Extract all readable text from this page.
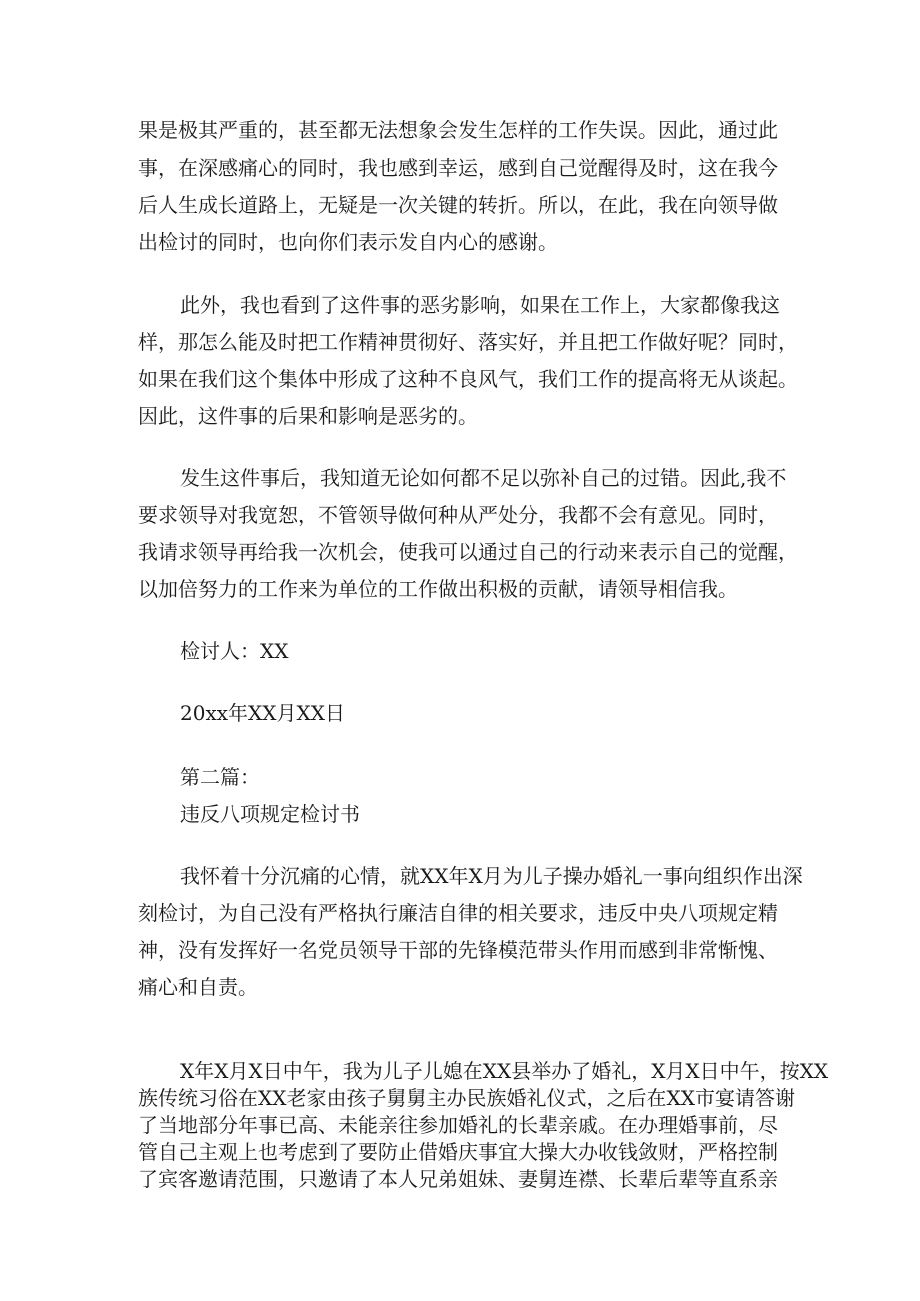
果是极其严重的，甚至都无法想象会发生怎样的工作失误。因此，通过此
事，在深感痛心的同时，我也感到幸运，感到自己觉醒得及时，这在我今
后人生成长道路上，无疑是一次关键的转折。所以，在此，我在向领导做
出检讨的同时，也向你们表示发自内心的感谢。
此外，我也看到了这件事的恶劣影响，如果在工作上，大家都像我这
样，那怎么能及时把工作精神贯彻好、落实好，并且把工作做好呢？同时，
如果在我们这个集体中形成了这种不良风气，我们工作的提高将无从谈起。
因此，这件事的后果和影响是恶劣的。
发生这件事后，我知道无论如何都不足以弥补自己的过错。因此,我不
要求领导对我宽恕，不管领导做何种从严处分，我都不会有意见。同时，
我请求领导再给我一次机会，使我可以通过自己的行动来表示自己的觉醒，
以加倍努力的工作来为单位的工作做出积极的贡献，请领导相信我。
检讨人：XX
20xx年XX月XX日
第二篇：
违反八项规定检讨书
我怀着十分沉痛的心情，就XX年X月为儿子操办婚礼一事向组织作出深
刻检讨，为自己没有严格执行廉洁自律的相关要求，违反中央八项规定精
神，没有发挥好一名党员领导干部的先锋模范带头作用而感到非常惭愧、
痛心和自责。
X年X月X日中午，我为儿子儿媳在XX县举办了婚礼，X月X日中午，按XX
族传统习俗在XX老家由孩子舅舅主办民族婚礼仪式，之后在XX市宴请答谢
了当地部分年事已高、未能亲往参加婚礼的长辈亲戚。在办理婚事前，尽
管自己主观上也考虑到了要防止借婚庆事宜大操大办收钱敛财，严格控制
了宾客邀请范围，只邀请了本人兄弟姐妹、妻舅连襟、长辈后辈等直系亲
